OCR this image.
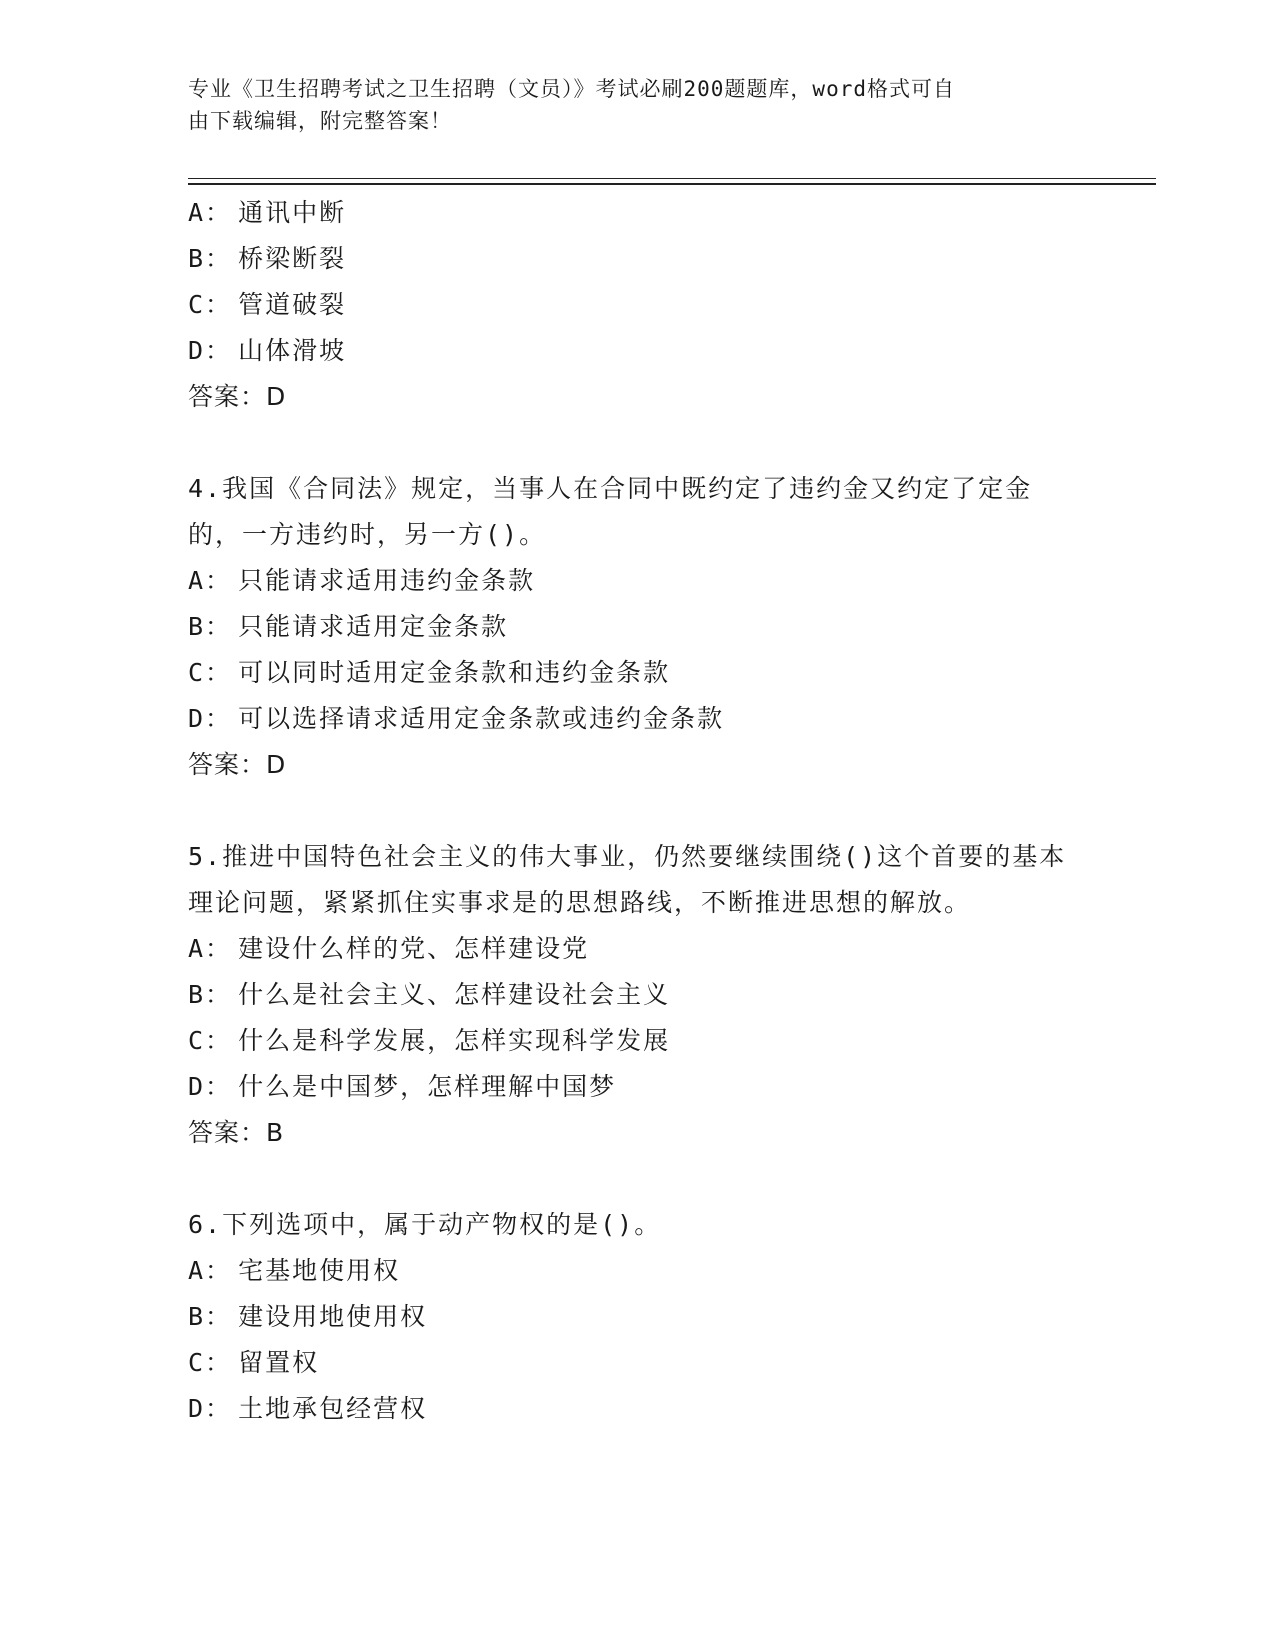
专业《卫生招聘考试之卫生招聘（文员）》考试必刷200题题库，word格式可自
由下载编辑，附完整答案！
A： 通讯中断
B： 桥梁断裂
C： 管道破裂
D： 山体滑坡
答案：D
4.我国《合同法》规定，当事人在合同中既约定了违约金又约定了定金的，一方违约时，另一方()。
A： 只能请求适用违约金条款
B： 只能请求适用定金条款
C： 可以同时适用定金条款和违约金条款
D： 可以选择请求适用定金条款或违约金条款
答案：D
5.推进中国特色社会主义的伟大事业，仍然要继续围绕()这个首要的基本理论问题，紧紧抓住实事求是的思想路线，不断推进思想的解放。
A： 建设什么样的党、怎样建设党
B： 什么是社会主义、怎样建设社会主义
C： 什么是科学发展，怎样实现科学发展
D： 什么是中国梦，怎样理解中国梦
答案：B
6.下列选项中，属于动产物权的是()。
A： 宅基地使用权
B： 建设用地使用权
C： 留置权
D： 土地承包经营权
